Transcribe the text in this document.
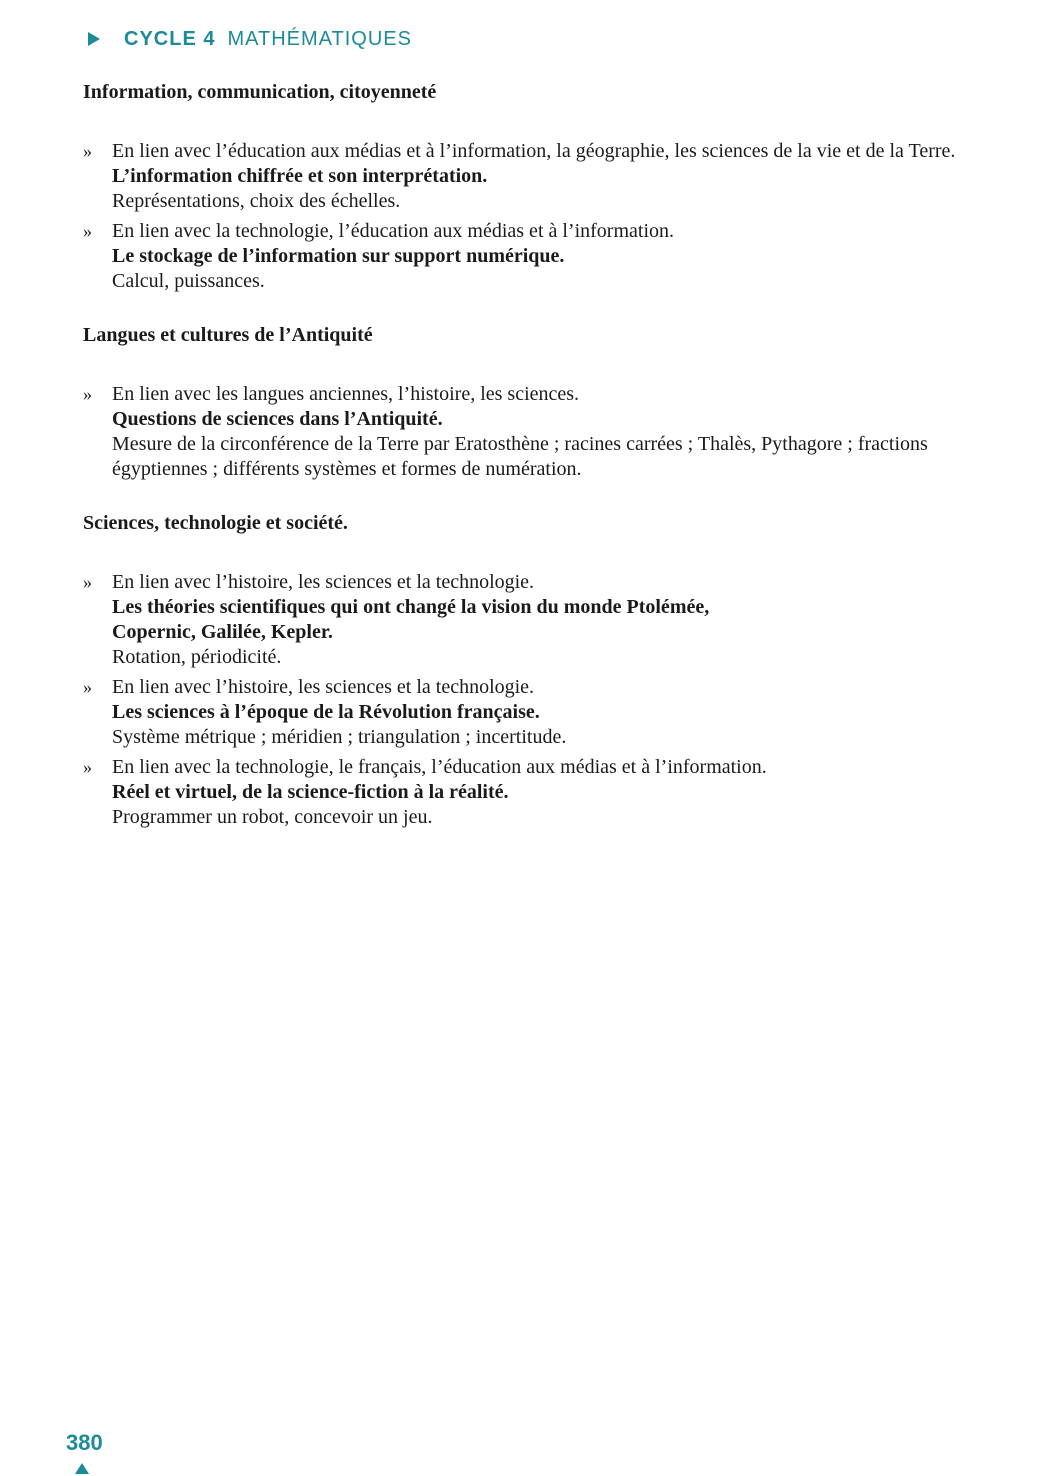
CYCLE 4 MATHÉMATIQUES

Information, communication, citoyenneté

» En lien avec l’éducation aux médias et à l’information, la géographie, les sciences de la vie et de la Terre.
L’information chiffrée et son interprétation.
Représentations, choix des échelles.
» En lien avec la technologie, l’éducation aux médias et à l’information.
Le stockage de l’information sur support numérique.
Calcul, puissances.

Langues et cultures de l’Antiquité

» En lien avec les langues anciennes, l’histoire, les sciences.
Questions de sciences dans l’Antiquité.
Mesure de la circonférence de la Terre par Eratosthène ; racines carrées ; Thalès, Pythagore ; fractions égyptiennes ; différents systèmes et formes de numération.

Sciences, technologie et société.

» En lien avec l’histoire, les sciences et la technologie.
Les théories scientifiques qui ont changé la vision du monde Ptolémée, Copernic, Galilée, Kepler.
Rotation, périodicité.
» En lien avec l’histoire, les sciences et la technologie.
Les sciences à l’époque de la Révolution française.
Système métrique ; méridien ; triangulation ; incertitude.
» En lien avec la technologie, le français, l’éducation aux médias et à l’information.
Réel et virtuel, de la science-fiction à la réalité.
Programmer un robot, concevoir un jeu.
380
